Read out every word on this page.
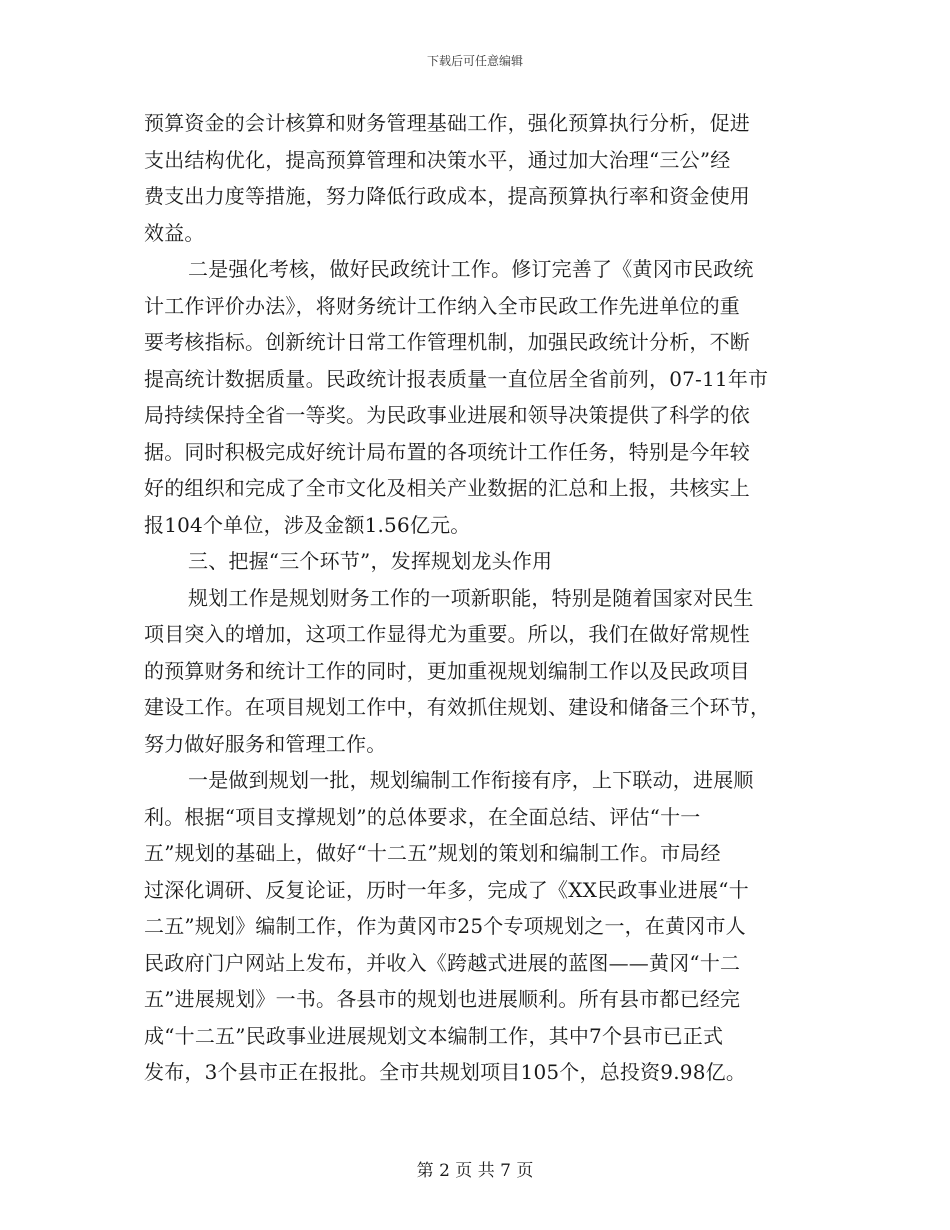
下载后可任意编辑
预算资金的会计核算和财务管理基础工作，强化预算执行分析，促进
支出结构优化，提高预算管理和决策水平，通过加大治理“三公”经
费支出力度等措施，努力降低行政成本，提高预算执行率和资金使用
效益。
二是强化考核，做好民政统计工作。修订完善了《黄冈市民政统
计工作评价办法》，将财务统计工作纳入全市民政工作先进单位的重
要考核指标。创新统计日常工作管理机制，加强民政统计分析，不断
提高统计数据质量。民政统计报表质量一直位居全省前列，07-11年市
局持续保持全省一等奖。为民政事业进展和领导决策提供了科学的依
据。同时积极完成好统计局布置的各项统计工作任务，特别是今年较
好的组织和完成了全市文化及相关产业数据的汇总和上报，共核实上
报104个单位，涉及金额1.56亿元。
三、把握“三个环节”，发挥规划龙头作用
规划工作是规划财务工作的一项新职能，特别是随着国家对民生
项目突入的增加，这项工作显得尤为重要。所以，我们在做好常规性
的预算财务和统计工作的同时，更加重视规划编制工作以及民政项目
建设工作。在项目规划工作中，有效抓住规划、建设和储备三个环节，
努力做好服务和管理工作。
一是做到规划一批，规划编制工作衔接有序，上下联动，进展顺
利。根据“项目支撑规划”的总体要求，在全面总结、评估“十一
五”规划的基础上，做好“十二五”规划的策划和编制工作。市局经
过深化调研、反复论证，历时一年多，完成了《XX民政事业进展“十
二五”规划》编制工作，作为黄冈市25个专项规划之一，在黄冈市人
民政府门户网站上发布，并收入《跨越式进展的蓝图——黄冈“十二
五”进展规划》一书。各县市的规划也进展顺利。所有县市都已经完
成“十二五”民政事业进展规划文本编制工作，其中7个县市已正式
发布，3个县市正在报批。全市共规划项目105个，总投资9.98亿。
第 2 页 共 7 页
